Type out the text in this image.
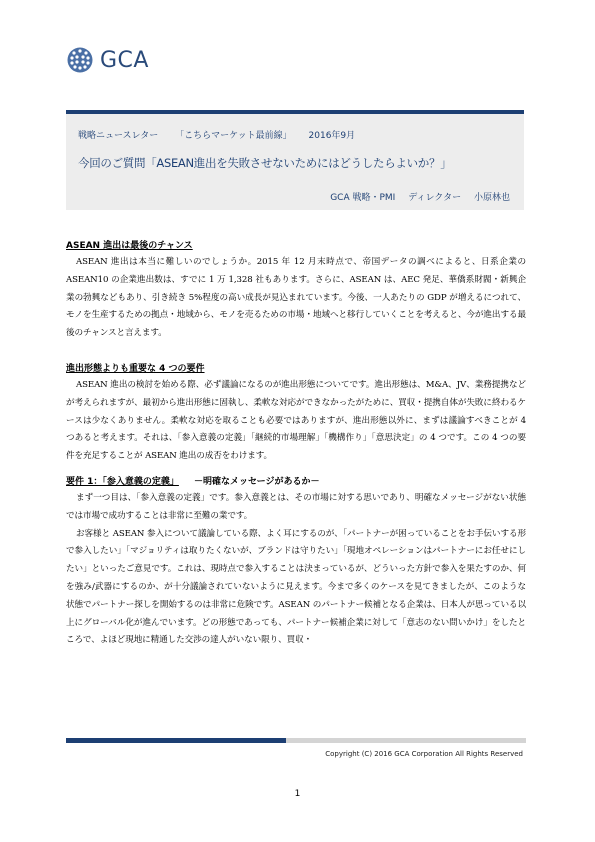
GCA
戦略ニュースレター 「こちらマーケット最前線」 2016年9月
今回のご質問「ASEAN進出を失敗させないためにはどうしたらよいか？」
GCA 戦略・PMI ディレクター 小原林也

ASEAN 進出は最後のチャンス

ASEAN 進出は本当に難しいのでしょうか。2015 年 12 月末時点で、帝国データの調べによると、日系企業の ASEAN10 の企業進出数は、すでに 1 万 1,328 社もあります。さらに、ASEAN は、AEC 発足、華僑系財閥・新興企業の勃興などもあり、引き続き 5%程度の高い成長が見込まれています。今後、一人あたりの GDP が増えるにつれて、モノを生産するための拠点・地域から、モノを売るための市場・地域へと移行していくことを考えると、今が進出する最後のチャンスと言えます。

進出形態よりも重要な 4 つの要件

ASEAN 進出の検討を始める際、必ず議論になるのが進出形態についてです。進出形態は、M&A、JV、業務提携などが考えられますが、最初から進出形態に固執し、柔軟な対応ができなかったがために、買収・提携自体が失敗に終わるケースは少なくありません。柔軟な対応を取ることも必要ではありますが、進出形態以外に、まずは議論すべきことが 4 つあると考えます。それは、「参入意義の定義」「継続的市場理解」「機構作り」「意思決定」の 4 つです。この 4 つの要件を充足することが ASEAN 進出の成否をわけます。

要件 1：「参入意義の定義」 －明確なメッセージがあるか－

まず一つ目は、「参入意義の定義」です。参入意義とは、その市場に対する思いであり、明確なメッセージがない状態では市場で成功することは非常に至難の業です。

お客様と ASEAN 参入について議論している際、よく耳にするのが、「パートナーが困っていることをお手伝いする形で参入したい」「マジョリティは取りたくないが、ブランドは守りたい」「現地オペレーションはパートナーにお任せにしたい」といったご意見です。これは、現時点で参入することは決まっているが、どういった方針で参入を果たすのか、何を強み/武器にするのか、が十分議論されていないように見えます。今まで多くのケースを見てきましたが、このような状態でパートナー探しを開始するのは非常に危険です。ASEAN のパートナー候補となる企業は、日本人が思っている以上にグローバル化が進んでいます。どの形態であっても、パートナー候補企業に対して「意志のない問いかけ」をしたところで、よほど現地に精通した交渉の達人がいない限り、買収・

Copyright (C) 2016 GCA Corporation All Rights Reserved
1
